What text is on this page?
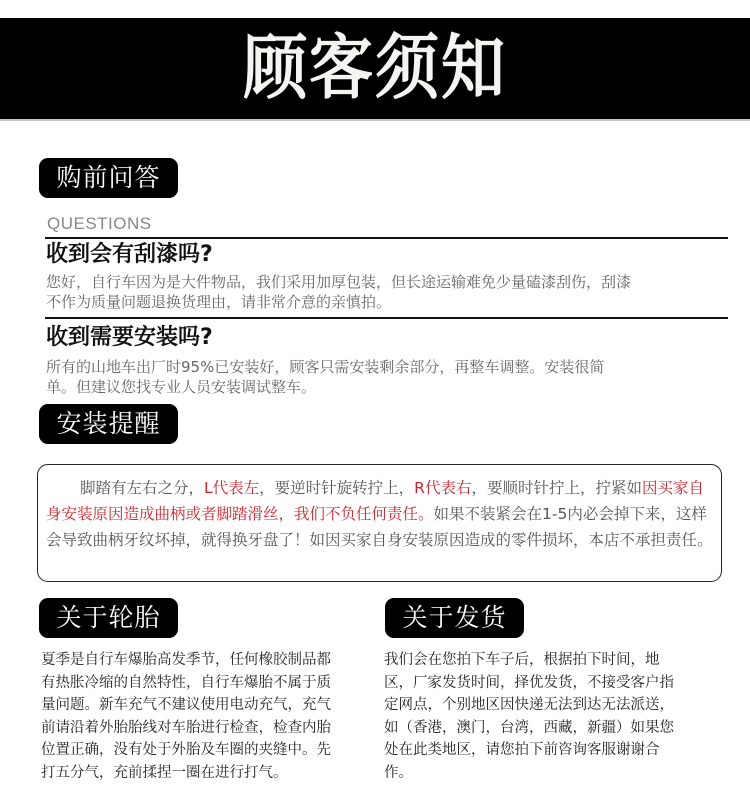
顾客须知
购前问答
QUESTIONS
收到会有刮漆吗?
您好，自行车因为是大件物品，我们采用加厚包装，但长途运输难免少量磕漆刮伤，刮漆
不作为质量问题退换货理由，请非常介意的亲慎拍。
收到需要安装吗?
所有的山地车出厂时95%已安装好，顾客只需安装剩余部分，再整车调整。安装很简
单。但建议您找专业人员安装调试整车。
安装提醒
脚踏有左右之分，L代表左，要逆时针旋转拧上，R代表右，要顺时针拧上，拧紧如因买家自身安装原因造成曲柄或者脚踏滑丝，我们不负任何责任。如果不装紧会在1-5内必会掉下来，这样会导致曲柄牙纹坏掉，就得换牙盘了！如因买家自身安装原因造成的零件损坏，本店不承担责任。
关于轮胎
夏季是自行车爆胎高发季节，任何橡胶制品都有热胀冷缩的自然特性，自行车爆胎不属于质量问题。新车充气不建议使用电动充气，充气前请沿着外胎胎线对车胎进行检查，检查内胎位置正确，没有处于外胎及车圈的夹缝中。先打五分气，充前揉捏一圈在进行打气。
关于发货
我们会在您拍下车子后，根据拍下时间，地区，厂家发货时间，择优发货，不接受客户指定网点，个别地区因快递无法到达无法派送，如（香港，澳门，台湾，西藏，新疆）如果您处在此类地区，请您拍下前咨询客服谢谢合作。
